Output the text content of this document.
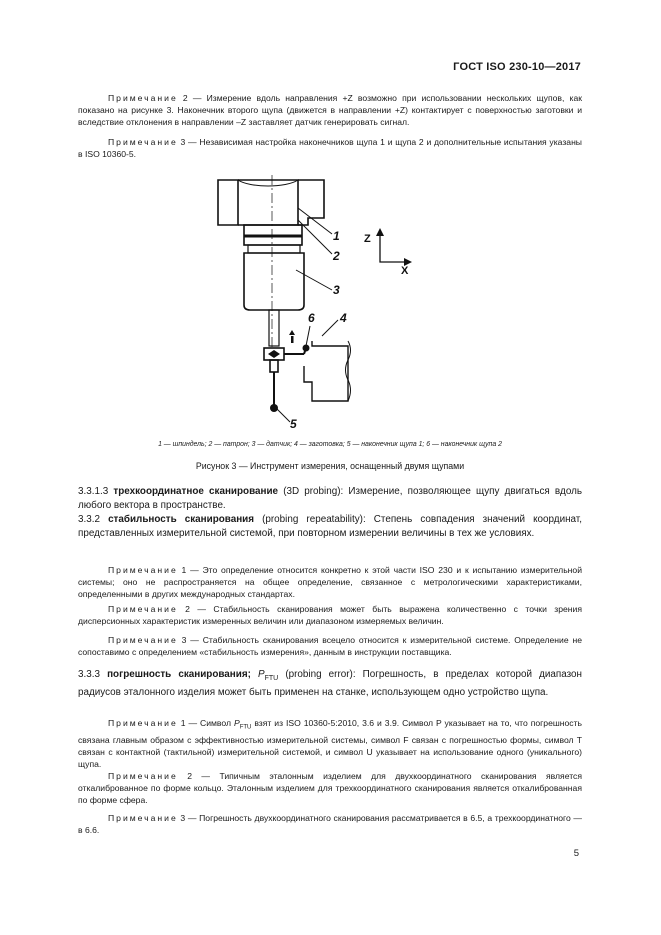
ГОСТ ISO 230-10—2017
Примечание 2 — Измерение вдоль направления +Z возможно при использовании нескольких щупов, как показано на рисунке 3. Наконечник второго щупа (движется в направлении +Z) контактирует с поверхностью заготовки и вследствие отклонения в направлении –Z заставляет датчик генерировать сигнал.
Примечание 3 — Независимая настройка наконечников щупа 1 и щупа 2 и дополнительные испытания указаны в ISO 10360-5.
1
2
3
4
5
6
Z
X
1 — шпиндель; 2 — патрон; 3 — датчик; 4 — заготовка; 5 — наконечник щупа 1; 6 — наконечник щупа 2
Рисунок 3 — Инструмент измерения, оснащенный двумя щупами
3.3.1.3 трехкоординатное сканирование (3D probing): Измерение, позволяющее щупу двигаться вдоль любого вектора в пространстве.
3.3.2 стабильность сканирования (probing repeatability): Степень совпадения значений координат, представленных измерительной системой, при повторном измерении величины в тех же условиях.
Примечание 1 — Это определение относится конкретно к этой части ISO 230 и к испытанию измерительной системы; оно не распространяется на общее определение, связанное с метрологическими характеристиками, определенными в других международных стандартах.
Примечание 2 — Стабильность сканирования может быть выражена количественно с точки зрения дисперсионных характеристик измеренных величин или диапазоном измеряемых величин.
Примечание 3 — Стабильность сканирования всецело относится к измерительной системе. Определение не сопоставимо с определением «стабильность измерения», данным в инструкции поставщика.
3.3.3 погрешность сканирования; $P_{FTU}$ (probing error): Погрешность, в пределах которой диапазон радиусов эталонного изделия может быть применен на станке, использующем одно устройство щупа.
Примечание 1 — Символ $P_{FTU}$ взят из ISO 10360-5:2010, 3.6 и 3.9. Символ P указывает на то, что погрешность связана главным образом с эффективностью измерительной системы, символ F связан с погрешностью формы, символ T связан с контактной (тактильной) измерительной системой, и символ U указывает на использование одного (уникального) щупа.
Примечание 2 — Типичным эталонным изделием для двухкоординатного сканирования является откалиброванное по форме кольцо. Эталонным изделием для трехкоординатного сканирования является откалиброванная по форме сфера.
Примечание 3 — Погрешность двухкоординатного сканирования рассматривается в 6.5, а трехкоординатного — в 6.6.
5
